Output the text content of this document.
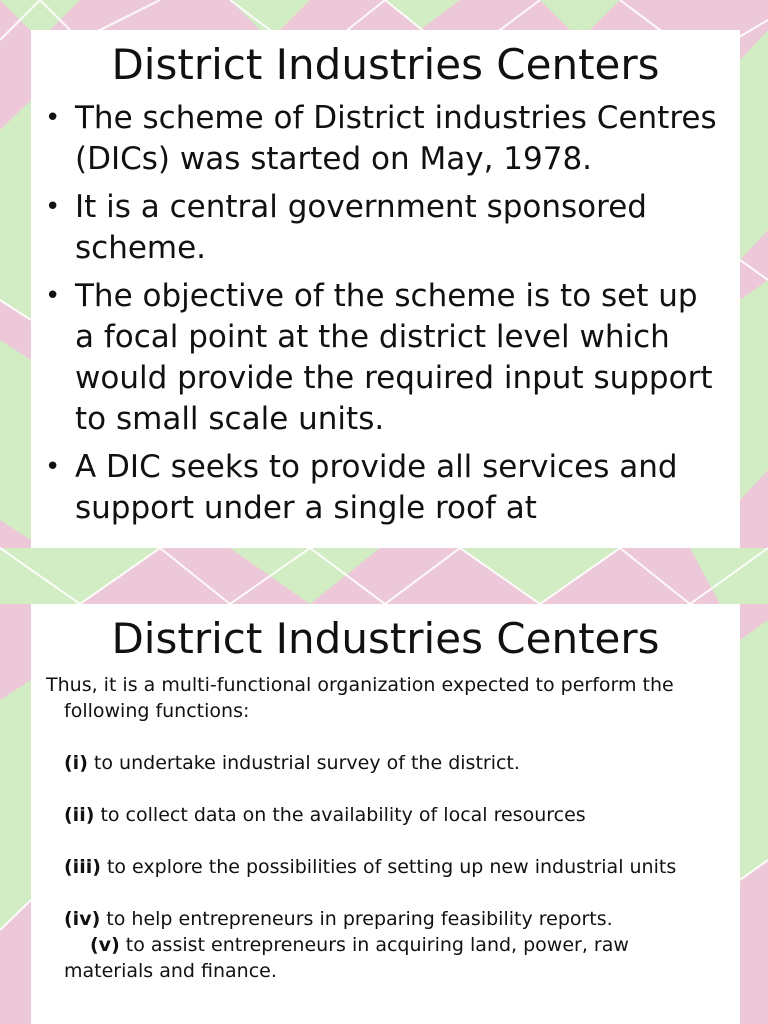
District Industries Centers
• The scheme of District industries Centres (DICs) was started on May, 1978.
• It is a central government sponsored scheme.
• The objective of the scheme is to set up a focal point at the district level which would provide the required input support to small scale units.
• A DIC seeks to provide all services and support under a single roof at
District Industries Centers

Thus, it is a multi-functional organization expected to perform the following functions:

(i) to undertake industrial survey of the district.

(ii) to collect data on the availability of local resources

(iii) to explore the possibilities of setting up new industrial units

(iv) to help entrepreneurs in preparing feasibility reports.

(v) to assist entrepreneurs in acquiring land, power, raw materials and finance.
